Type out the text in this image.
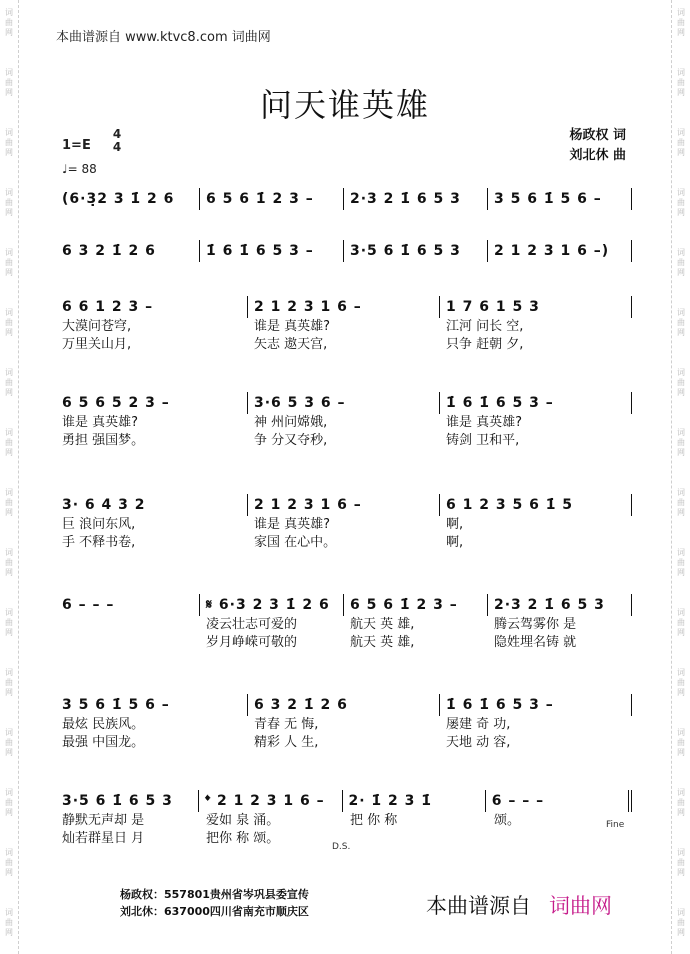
词曲网
词曲网
词曲网
词曲网
词曲网
词曲网
词曲网
词曲网
词曲网
词曲网
词曲网
词曲网
词曲网
词曲网
词曲网
词曲网
词曲网
词曲网
词曲网
词曲网
词曲网
词曲网
词曲网
词曲网
词曲网
词曲网
词曲网
词曲网
词曲网
词曲网
词曲网
词曲网
本曲谱源自 www.ktvc8.com 词曲网
问天谁英雄
1=E
4
4
♩= 88
杨政权 词
刘北休 曲
(6·3̣2 3 1̇ 2 6	6 5 6 1̇ 2 3 –	2·3 2 1̇ 6 5 3	3 5 6 1̇ 5 6 –
6 3 2 1̇ 2 6	1̇ 6 1̇ 6 5 3 –	3·5 6 1̇ 6 5 3	2 1 2 3 1 6 –)
6 6 1 2 3 –	2 1 2 3 1 6 –	1 7 6 1 5 3
大漠问苍穹,	谁是 真英雄?	江河 问长 空,
万里关山月,	矢志 遨天宫,	只争 赶朝 夕,
6 5 6 5 2 3 –	3·6 5 3 6 –	1̇ 6 1̇ 6 5 3 –
谁是 真英雄?	神 州问嫦娥,	谁是 真英雄?
勇担 强国梦。	争 分又夺秒,	铸剑 卫和平,
3· 6 4 3 2	2 1 2 3 1 6 –	6 1 2 3 5 6 1̇ 5
巨 浪问东风,	谁是 真英雄?	啊,
手 不释书卷,	家国 在心中。	啊,
6 – – –	𝄋 6·3 2 3 1̇ 2 6	6 5 6 1̇ 2 3 –	2·3 2 1̇ 6 5 3
凌云壮志可爱的	航天 英 雄,	腾云驾雾你 是
岁月峥嵘可敬的	航天 英 雄,	隐姓埋名铸 就
3 5 6 1̇ 5 6 –	6 3 2 1̇ 2 6	1̇ 6 1̇ 6 5 3 –
最炫 民族风。	青春 无 悔,	屡建 奇 功,
最强 中国龙。	精彩 人 生,	天地 动 容,
3·5 6 1̇ 6 5 3	𝄌 2 1 2 3 1 6 –	2· 1̇ 2 3 1̇	6 – – –
静默无声却 是	爱如 泉 涌。	把 你 称	颂。
灿若群星日 月	把你 称 颂。
Fine
D.S.
杨政权：557801贵州省岑巩县委宣传
刘北休：637000四川省南充市顺庆区	本曲谱源自 词曲网
